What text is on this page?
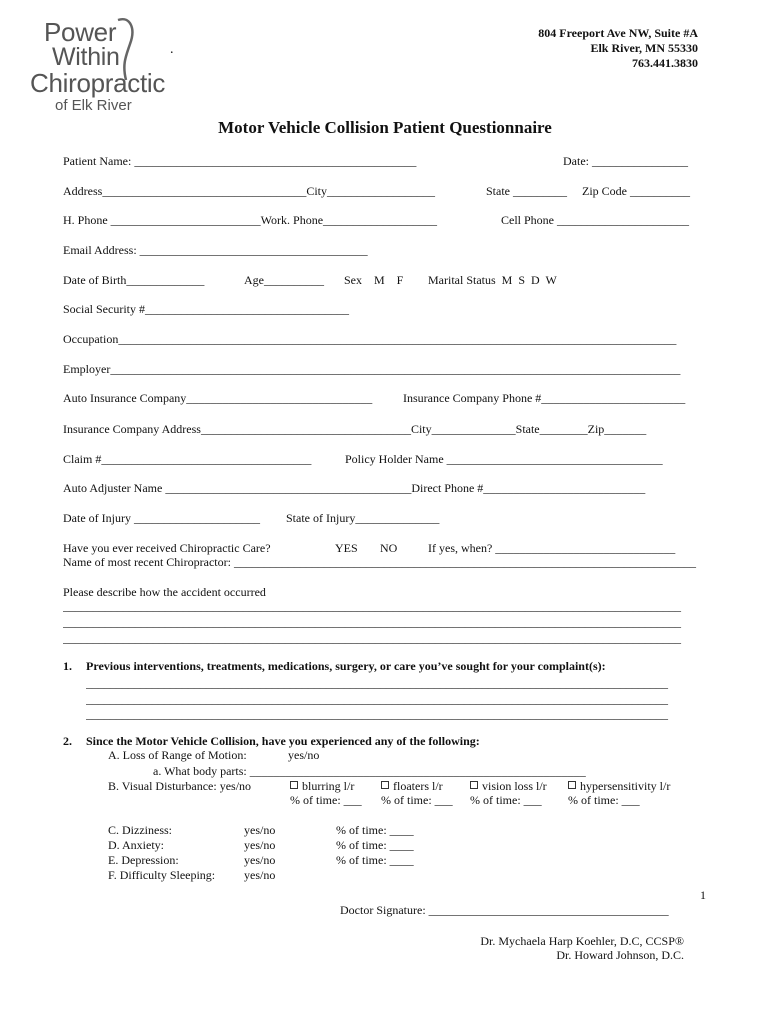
Power
Within
Chiropractic
of Elk River
.
804 Freeport Ave NW, Suite #A
Elk River, MN 55330
763.441.3830
Motor Vehicle Collision Patient Questionnaire
Patient Name: _______________________________________________	Date: ________________
Address__________________________________City__________________	State _________ Zip Code __________
H. Phone _________________________Work. Phone___________________	Cell Phone ______________________
Email Address: ______________________________________
Date of Birth_____________	Age__________ Sex    M    F Marital Status  M  S  D  W
Social Security #__________________________________
Occupation_____________________________________________________________________________________________
Employer_______________________________________________________________________________________________
Auto Insurance Company_______________________________	Insurance Company Phone #________________________
Insurance Company Address___________________________________City______________State________Zip_______
Claim #___________________________________	Policy Holder Name ____________________________________
Auto Adjuster Name _________________________________________Direct Phone #___________________________
Date of Injury _____________________ State of Injury______________
Have you ever received Chiropractic Care?	YES NO	If yes, when? ______________________________
Name of most recent Chiropractor: _____________________________________________________________________________
Please describe how the accident occurred
_______________________________________________________________________________________________________
_______________________________________________________________________________________________________
_______________________________________________________________________________________________________
1. Previous interventions, treatments, medications, surgery, or care you’ve sought for your complaint(s):
_________________________________________________________________________________________________
_________________________________________________________________________________________________
_________________________________________________________________________________________________
2. Since the Motor Vehicle Collision, have you experienced any of the following:
A. Loss of Range of Motion:	yes/no
a. What body parts: ________________________________________________________
B. Visual Disturbance: yes/no	blurring l/r	floaters l/r	vision loss l/r	hypersensitivity l/r
% of time: ___ % of time: ___ % of time: ___ % of time: ___
C. Dizziness:	yes/no	% of time: ____
D. Anxiety:	yes/no	% of time: ____
E. Depression:	yes/no	% of time: ____
F. Difficulty Sleeping: yes/no
1
Doctor Signature: ________________________________________
Dr. Mychaela Harp Koehler, D.C, CCSP®
Dr. Howard Johnson, D.C.
